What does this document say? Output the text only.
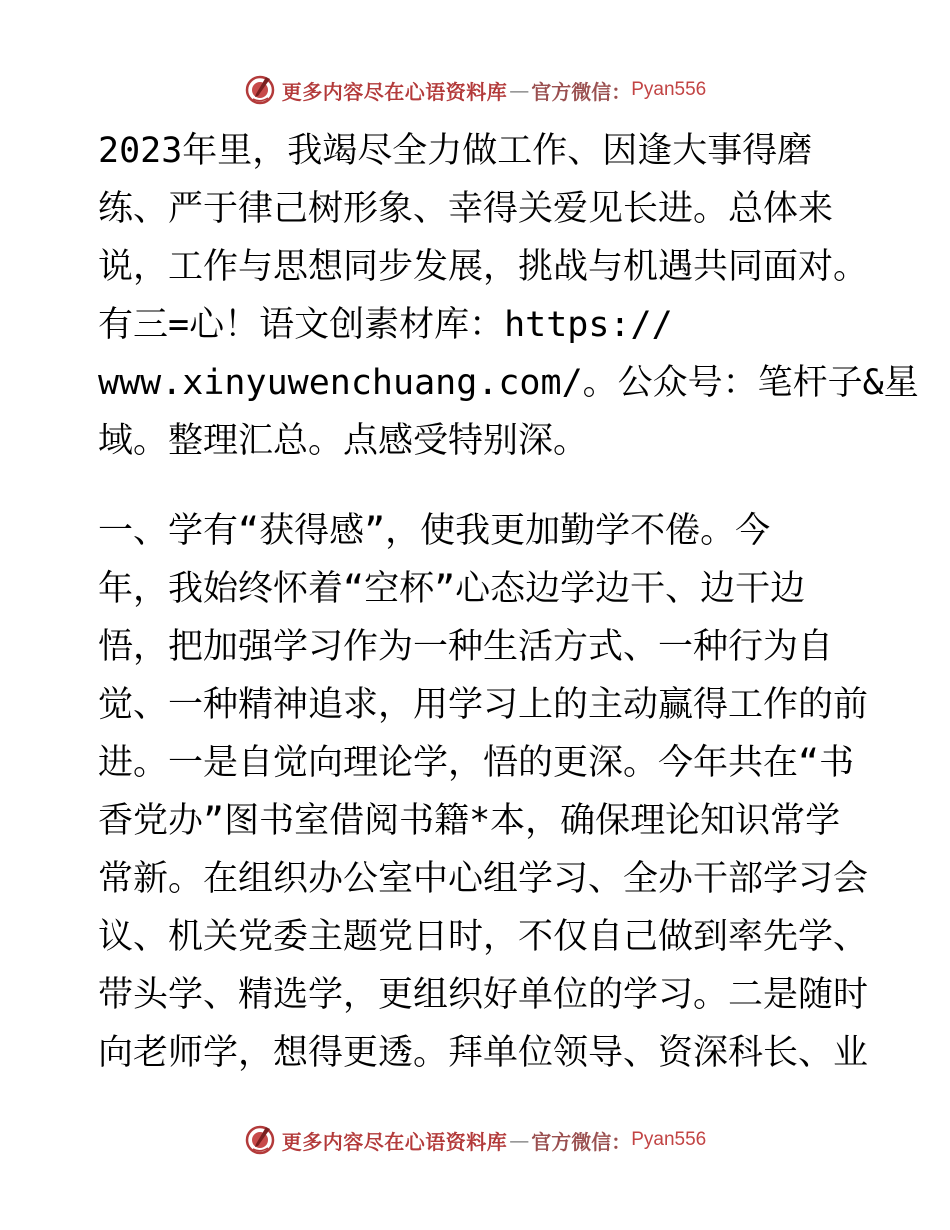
更多内容尽在心语资料库 — 官方微信： Pyan556

2023年里，我竭尽全力做工作、因逢大事得磨

练、严于律己树形象、幸得关爱见长进。总体来

说，工作与思想同步发展，挑战与机遇共同面对。

有三=心！语文创素材库：https://

www.xinyuwenchuang.com/。公众号：笔杆子&星

域。整理汇总。点感受特别深。

一、学有“获得感”，使我更加勤学不倦。今

年，我始终怀着“空杯”心态边学边干、边干边

悟，把加强学习作为一种生活方式、一种行为自

觉、一种精神追求，用学习上的主动赢得工作的前

进。一是自觉向理论学，悟的更深。今年共在“书

香党办”图书室借阅书籍*本，确保理论知识常学

常新。在组织办公室中心组学习、全办干部学习会

议、机关党委主题党日时，不仅自己做到率先学、

带头学、精选学，更组织好单位的学习。二是随时

向老师学，想得更透。拜单位领导、资深科长、业

更多内容尽在心语资料库 — 官方微信： Pyan556
